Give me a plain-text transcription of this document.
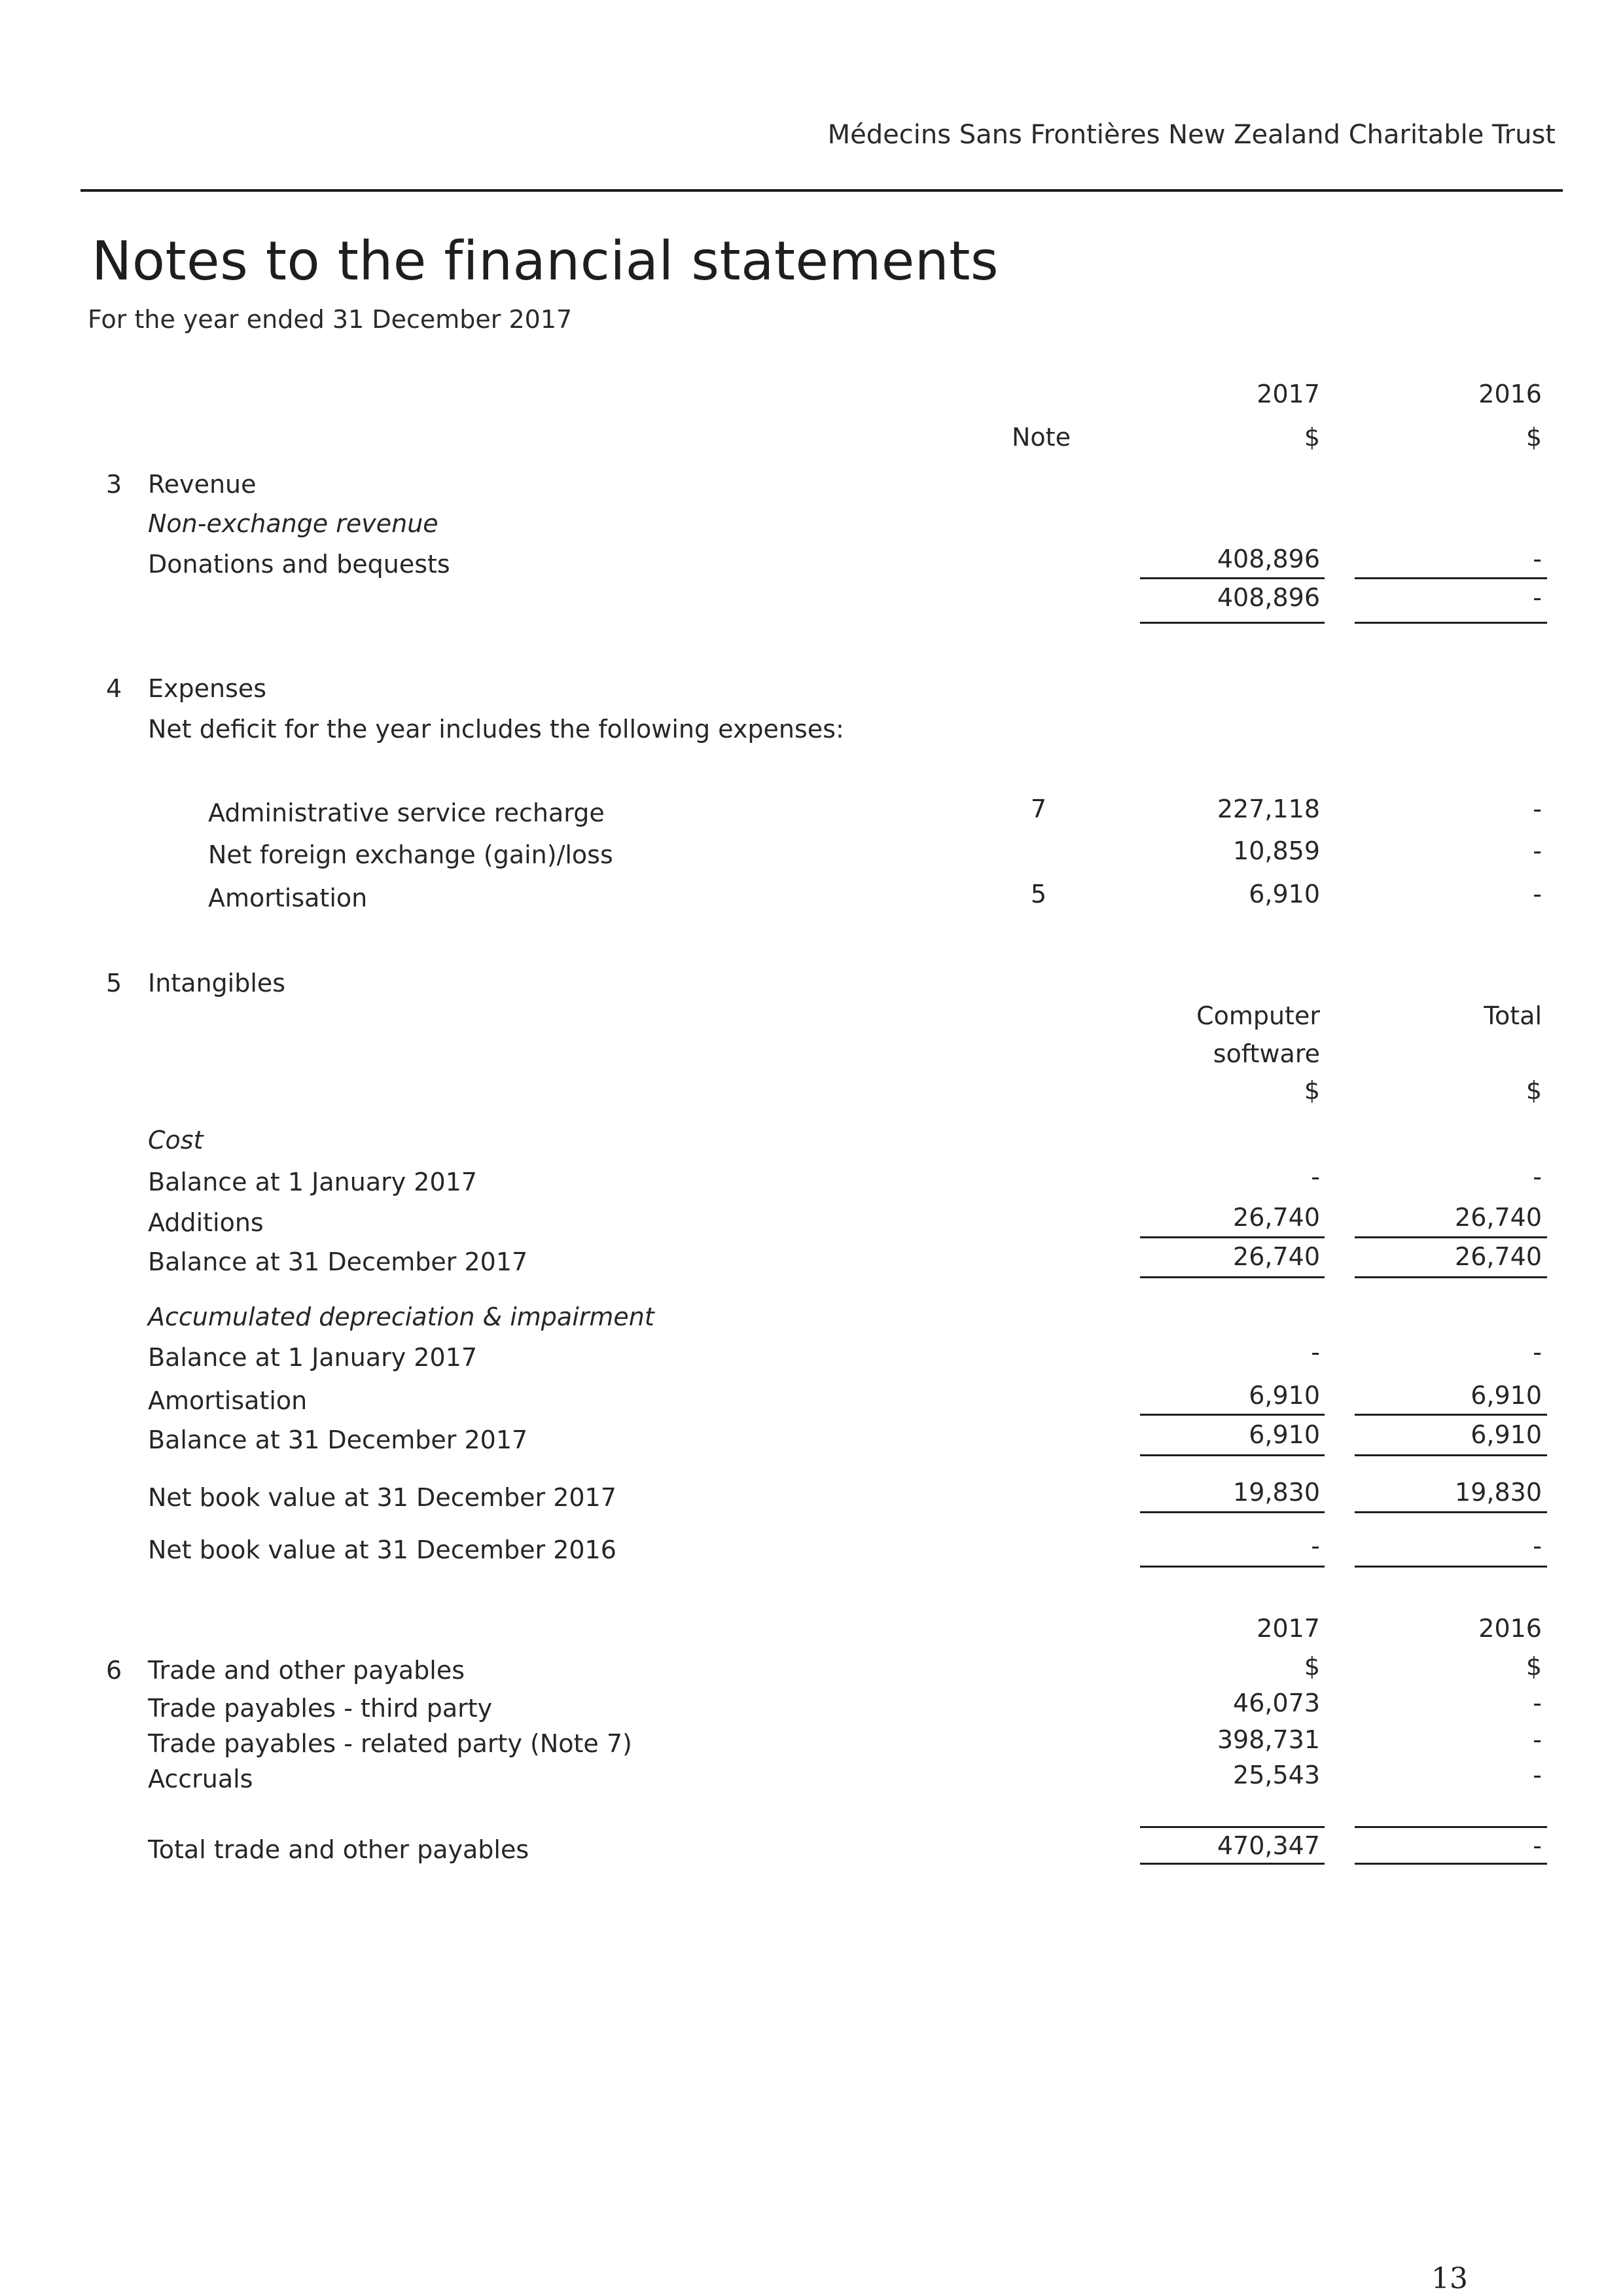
Médecins Sans Frontières New Zealand Charitable Trust
Notes to the financial statements
For the year ended 31 December 2017
2017	2016
Note	$	$
3 Revenue
Non-exchange revenue
Donations and bequests	408,896	-
408,896	-
4 Expenses
Net deficit for the year includes the following expenses:
Administrative service recharge	7	227,118	-
Net foreign exchange (gain)/loss	10,859	-
Amortisation	5	6,910	-
5 Intangibles
Computer	Total
software
$	$
Cost
Balance at 1 January 2017	-	-
Additions	26,740	26,740
Balance at 31 December 2017	26,740	26,740
Accumulated depreciation & impairment
Balance at 1 January 2017	-	-
Amortisation	6,910	6,910
Balance at 31 December 2017	6,910	6,910
Net book value at 31 December 2017	19,830	19,830
Net book value at 31 December 2016	-	-
2017	2016
6 Trade and other payables	$	$
Trade payables - third party	46,073	-
Trade payables - related party (Note 7)	398,731	-
Accruals	25,543	-
Total trade and other payables	470,347	-
13
